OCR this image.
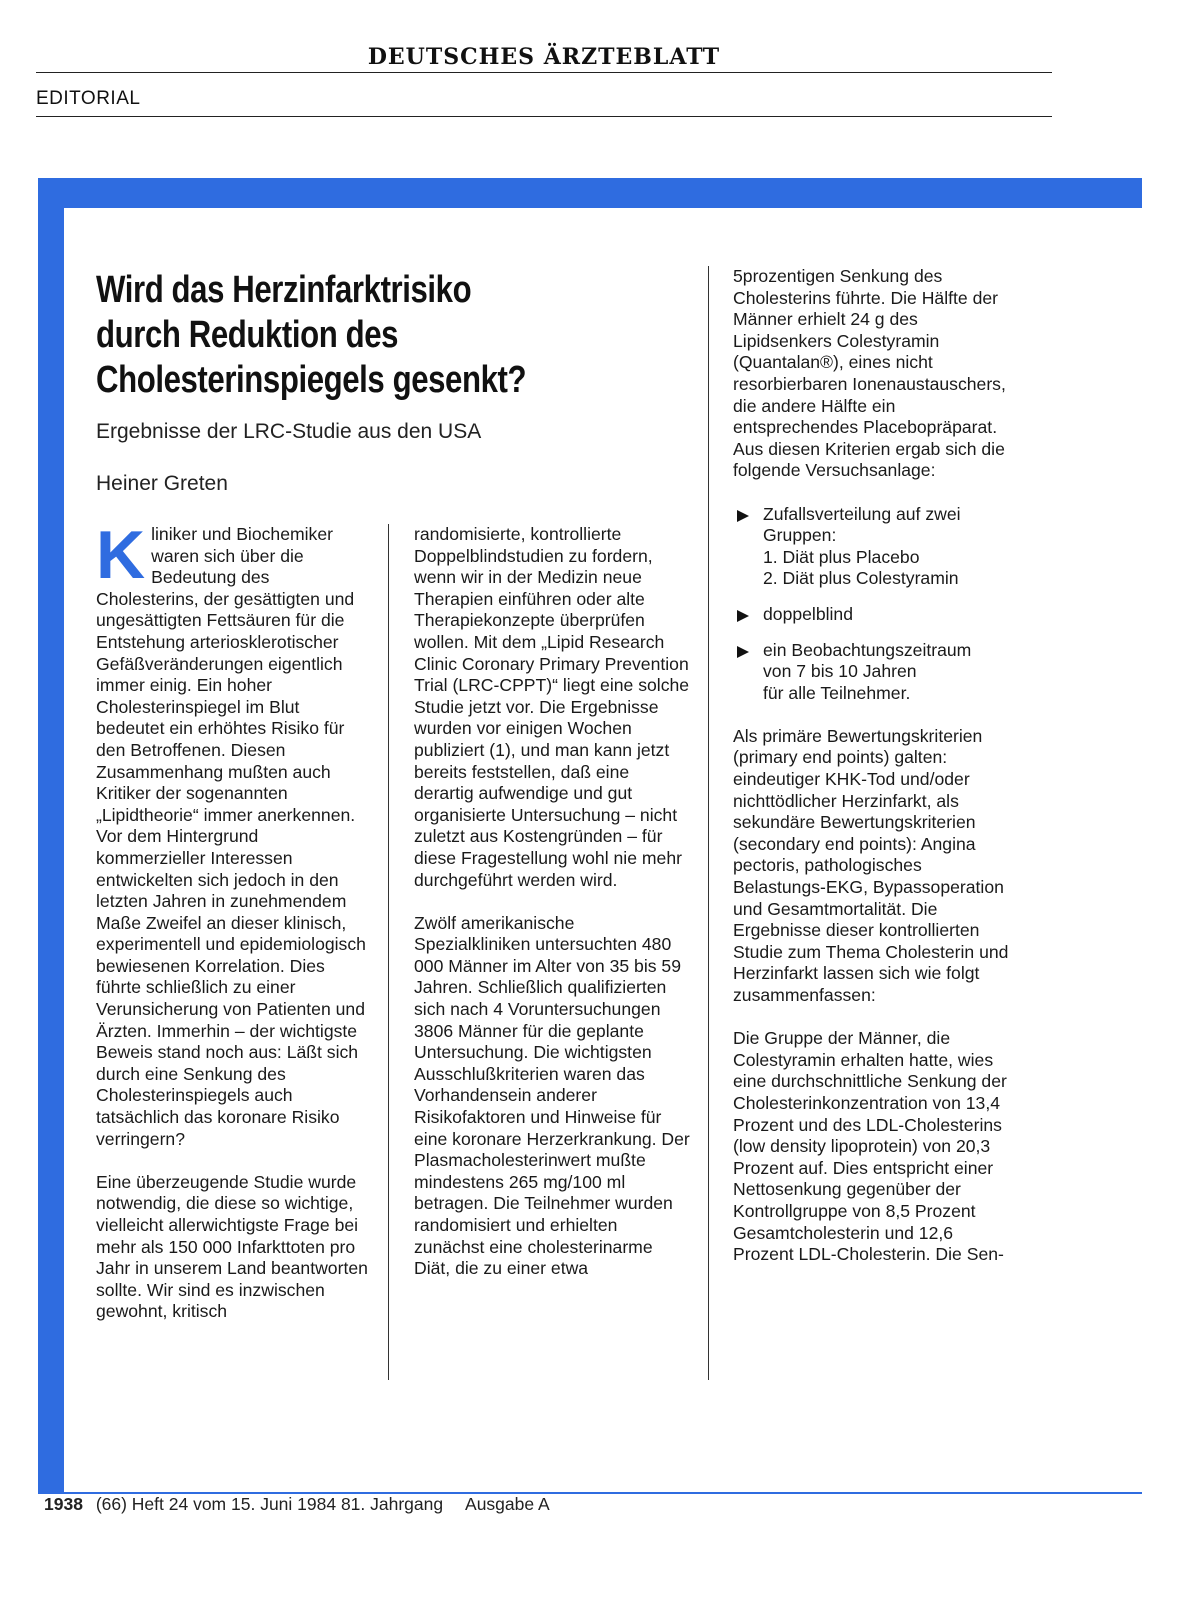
DEUTSCHES ÄRZTEBLATT
EDITORIAL
Wird das Herzinfarktrisiko durch Reduktion des Cholesterinspiegels gesenkt?
Ergebnisse der LRC-Studie aus den USA
Heiner Greten

Kliniker und Biochemiker waren sich über die Bedeutung des Cholesterins, der gesättigten und ungesättigten Fettsäuren für die Entstehung arteriosklerotischer Gefäßveränderungen eigentlich immer einig. Ein hoher Cholesterinspiegel im Blut bedeutet ein erhöhtes Risiko für den Betroffenen. Diesen Zusammenhang mußten auch Kritiker der sogenannten „Lipidtheorie“ immer anerkennen. Vor dem Hintergrund kommerzieller Interessen entwickelten sich jedoch in den letzten Jahren in zunehmendem Maße Zweifel an dieser klinisch, experimentell und epidemiologisch bewiesenen Korrelation. Dies führte schließlich zu einer Verunsicherung von Patienten und Ärzten. Immerhin – der wichtigste Beweis stand noch aus: Läßt sich durch eine Senkung des Cholesterinspiegels auch tatsächlich das koronare Risiko verringern?

Eine überzeugende Studie wurde notwendig, die diese so wichtige, vielleicht allerwichtigste Frage bei mehr als 150 000 Infarkttoten pro Jahr in unserem Land beantworten sollte. Wir sind es inzwischen gewohnt, kritisch

randomisierte, kontrollierte Doppelblindstudien zu fordern, wenn wir in der Medizin neue Therapien einführen oder alte Therapiekonzepte überprüfen wollen. Mit dem „Lipid Research Clinic Coronary Primary Prevention Trial (LRC-CPPT)“ liegt eine solche Studie jetzt vor. Die Ergebnisse wurden vor einigen Wochen publiziert (1), und man kann jetzt bereits feststellen, daß eine derartig aufwendige und gut organisierte Untersuchung – nicht zuletzt aus Kostengründen – für diese Fragestellung wohl nie mehr durchgeführt werden wird.

Zwölf amerikanische Spezialkliniken untersuchten 480 000 Männer im Alter von 35 bis 59 Jahren. Schließlich qualifizierten sich nach 4 Voruntersuchungen 3806 Männer für die geplante Untersuchung. Die wichtigsten Ausschlußkriterien waren das Vorhandensein anderer Risikofaktoren und Hinweise für eine koronare Herzerkrankung. Der Plasmacholesterinwert mußte mindestens 265 mg/100 ml betragen. Die Teilnehmer wurden randomisiert und erhielten zunächst eine cholesterinarme Diät, die zu einer etwa

5prozentigen Senkung des Cholesterins führte. Die Hälfte der Männer erhielt 24 g des Lipidsenkers Colestyramin (Quantalan®), eines nicht resorbierbaren Ionenaustauschers, die andere Hälfte ein entsprechendes Placebopräparat. Aus diesen Kriterien ergab sich die folgende Versuchsanlage:

Zufallsverteilung auf zwei Gruppen:
1. Diät plus Placebo
2. Diät plus Colestyramin
doppelblind
ein Beobachtungszeitraum
von 7 bis 10 Jahren
für alle Teilnehmer.

Als primäre Bewertungskriterien (primary end points) galten: eindeutiger KHK-Tod und/oder nichttödlicher Herzinfarkt, als sekundäre Bewertungskriterien (secondary end points): Angina pectoris, pathologisches Belastungs-EKG, Bypassoperation und Gesamtmortalität. Die Ergebnisse dieser kontrollierten Studie zum Thema Cholesterin und Herzinfarkt lassen sich wie folgt zusammenfassen:

Die Gruppe der Männer, die Colestyramin erhalten hatte, wies eine durchschnittliche Senkung der Cholesterinkonzentration von 13,4 Prozent und des LDL-Cholesterins (low density lipoprotein) von 20,3 Prozent auf. Dies entspricht einer Nettosenkung gegenüber der Kontrollgruppe von 8,5 Prozent Gesamtcholesterin und 12,6 Prozent LDL-Cholesterin. Die Sen-

1938 (66) Heft 24 vom 15. Juni 1984 81. Jahrgang Ausgabe A
